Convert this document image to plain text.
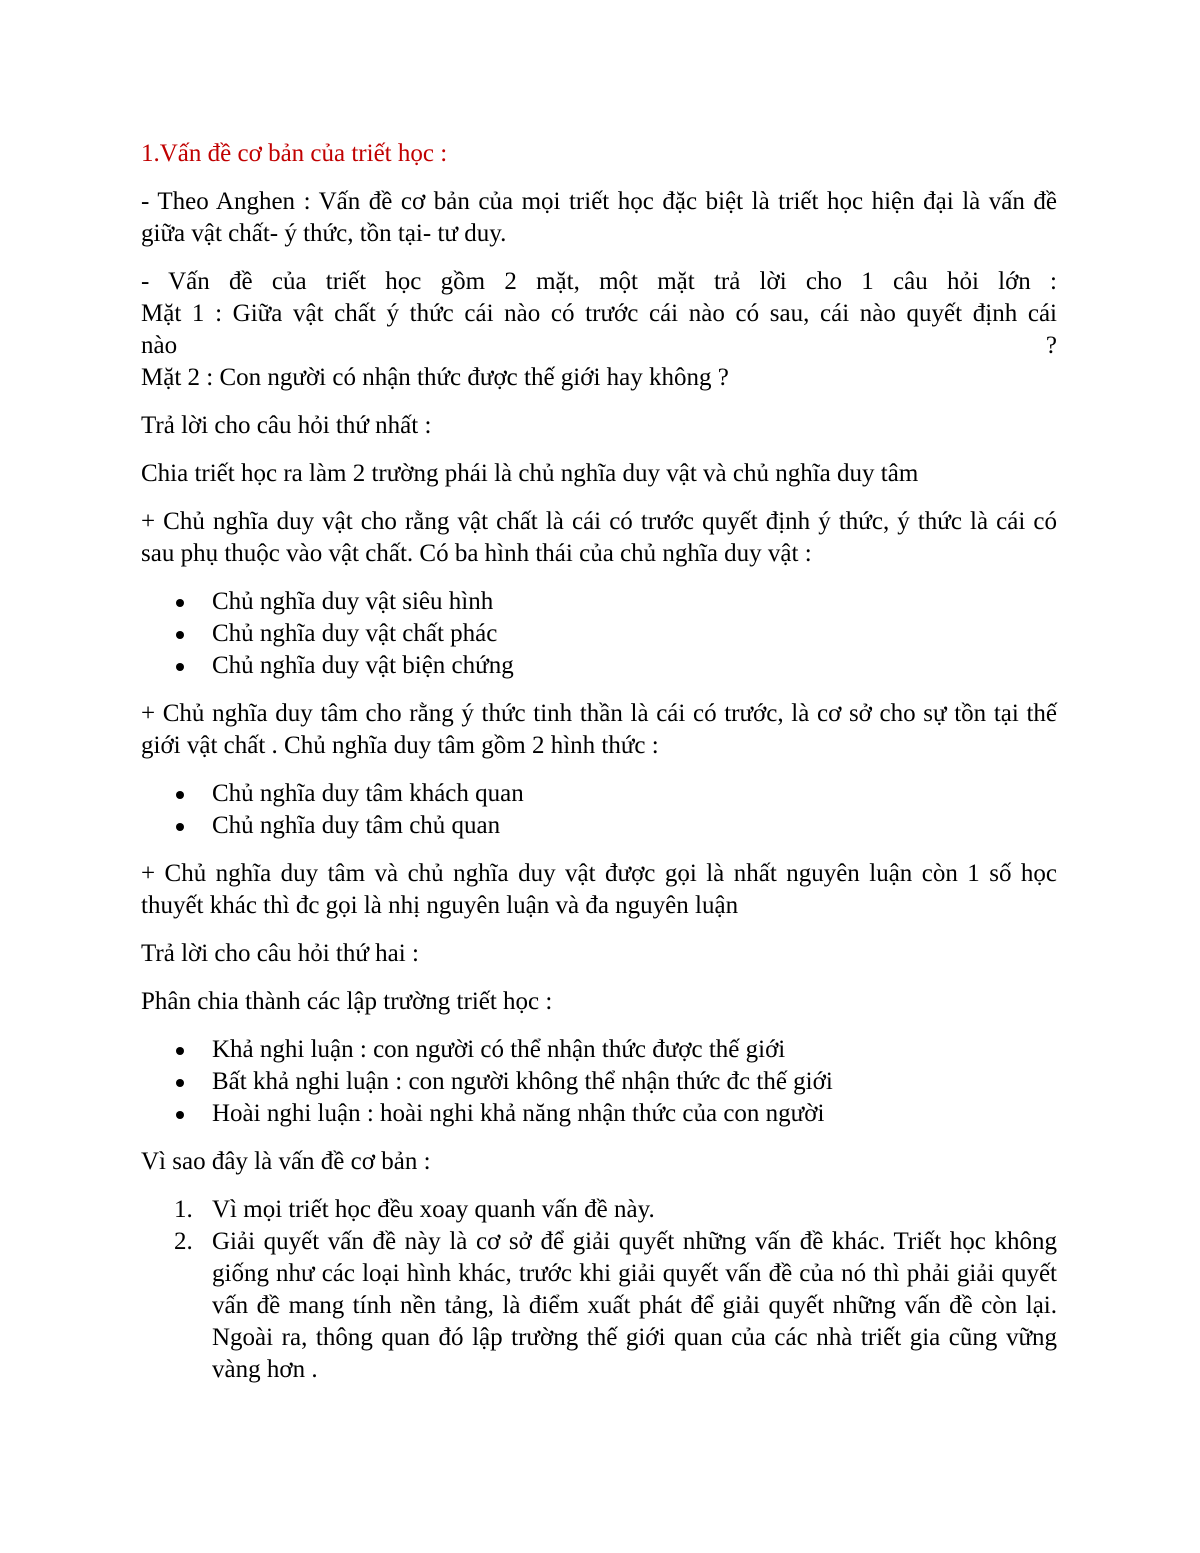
1.Vấn đề cơ bản của triết học :

- Theo Anghen : Vấn đề cơ bản của mọi triết học đặc biệt là triết học hiện đại là vấn đề giữa vật chất- ý thức, tồn tại- tư duy.

- Vấn đề của triết học gồm 2 mặt, một mặt trả lời cho 1 câu hỏi lớn :
Mặt 1 : Giữa vật chất ý thức cái nào có trước cái nào có sau, cái nào quyết định cái
nào	?
Mặt 2 : Con người có nhận thức được thế giới hay không ?

Trả lời cho câu hỏi thứ nhất :

Chia triết học ra làm 2 trường phái là chủ nghĩa duy vật và chủ nghĩa duy tâm

+ Chủ nghĩa duy vật cho rằng vật chất là cái có trước quyết định ý thức, ý thức là cái có sau phụ thuộc vào vật chất. Có ba hình thái của chủ nghĩa duy vật :

Chủ nghĩa duy vật siêu hình
Chủ nghĩa duy vật chất phác
Chủ nghĩa duy vật biện chứng

+ Chủ nghĩa duy tâm cho rằng ý thức tinh thần là cái có trước, là cơ sở cho sự tồn tại thế giới vật chất . Chủ nghĩa duy tâm gồm 2 hình thức :

Chủ nghĩa duy tâm khách quan
Chủ nghĩa duy tâm chủ quan

+ Chủ nghĩa duy tâm và chủ nghĩa duy vật được gọi là nhất nguyên luận còn 1 số học thuyết khác thì đc gọi là nhị nguyên luận và đa nguyên luận

Trả lời cho câu hỏi thứ hai :

Phân chia thành các lập trường triết học :

Khả nghi luận : con người có thể nhận thức được thế giới
Bất khả nghi luận : con người không thể nhận thức đc thế giới
Hoài nghi luận : hoài nghi khả năng nhận thức của con người

Vì sao đây là vấn đề cơ bản :

1. Vì mọi triết học đều xoay quanh vấn đề này.
2. Giải quyết vấn đề này là cơ sở để giải quyết những vấn đề khác. Triết học không giống như các loại hình khác, trước khi giải quyết vấn đề của nó thì phải giải quyết vấn đề mang tính nền tảng, là điểm xuất phát để giải quyết những vấn đề còn lại. Ngoài ra, thông quan đó lập trường thế giới quan của các nhà triết gia cũng vững vàng hơn .
